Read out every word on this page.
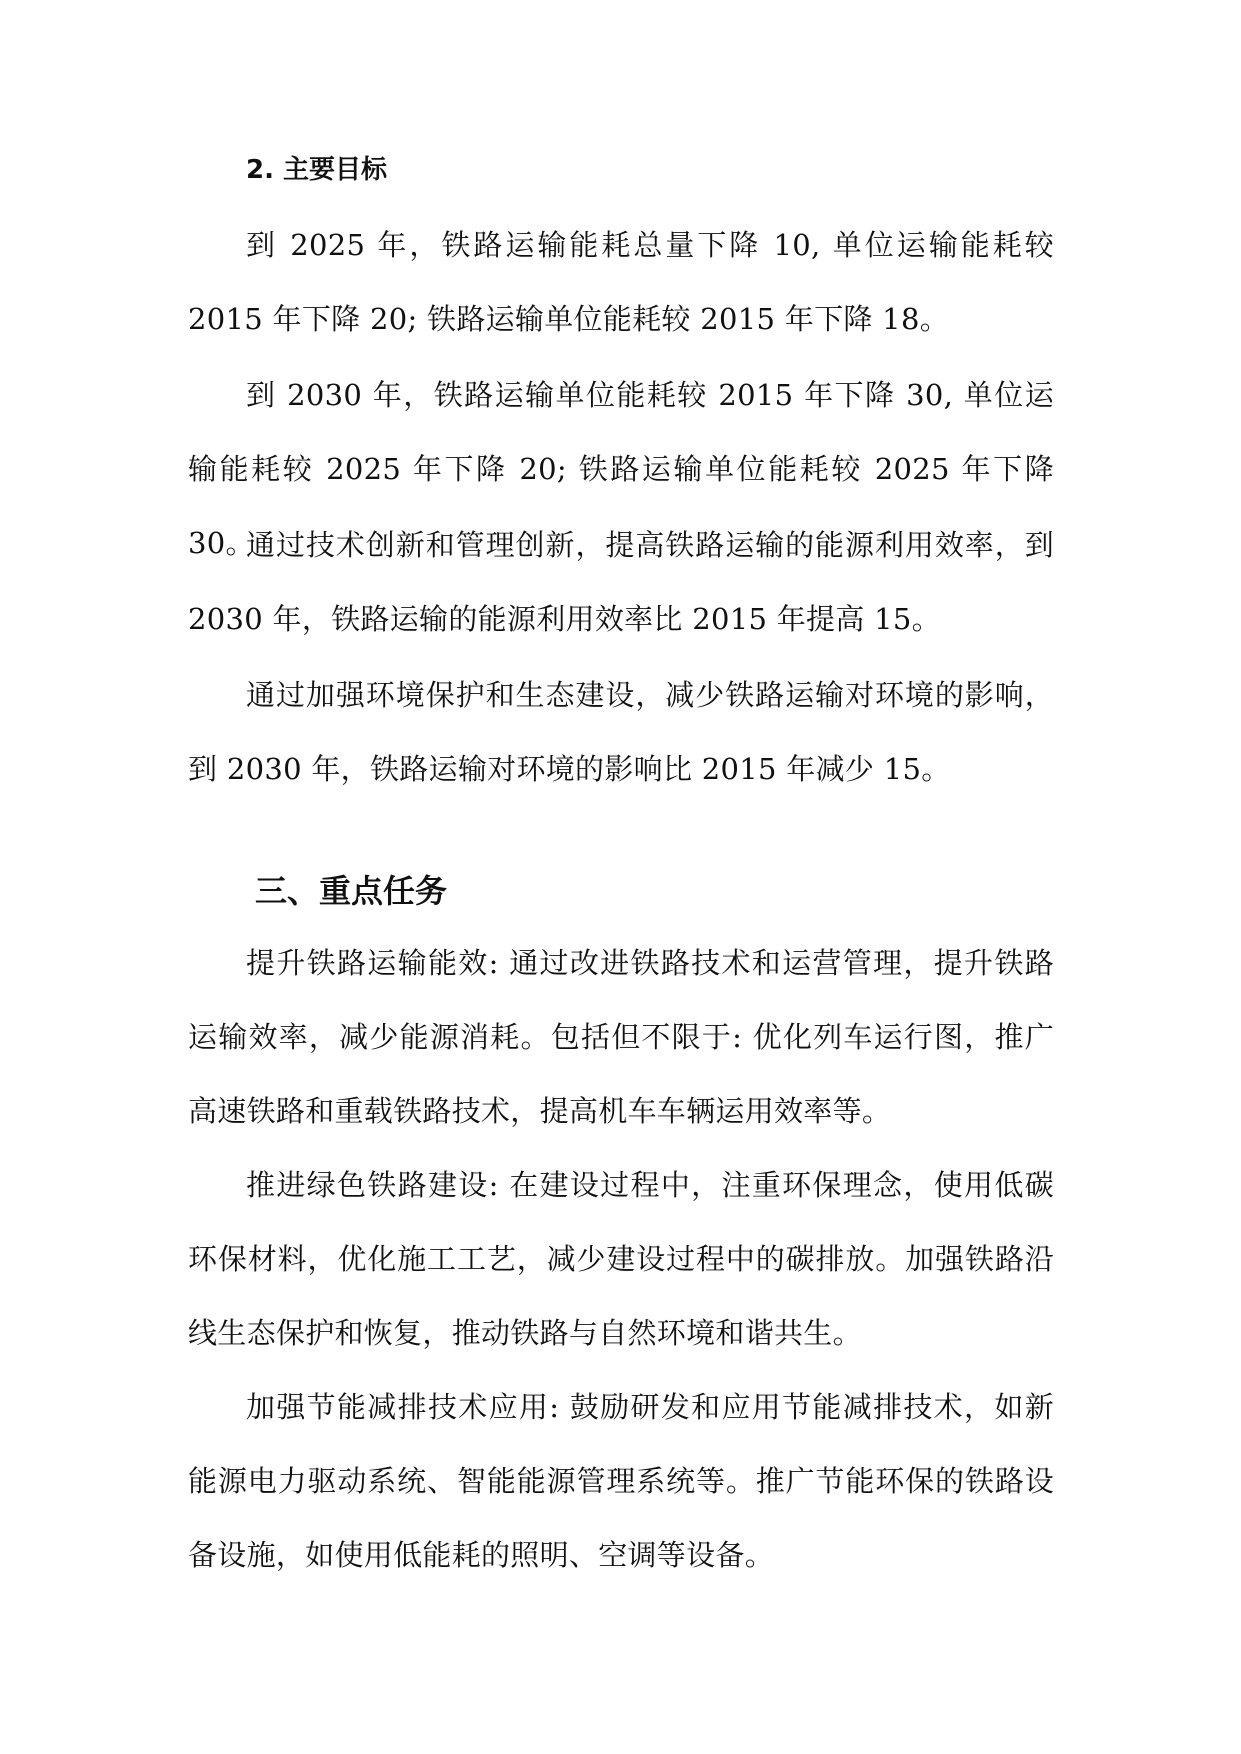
2. 主要目标

到 2025 年，铁路运输能耗总量下降 10, 单位运输能耗较 2015 年下降 20; 铁路运输单位能耗较 2015 年下降 18。

到 2030 年，铁路运输单位能耗较 2015 年下降 30, 单位运输能耗较 2025 年下降 20; 铁路运输单位能耗较 2025 年下降 30。

通过技术创新和管理创新，提高铁路运输的能源利用效率，到 2030 年，铁路运输的能源利用效率比 2015 年提高 15。

通过加强环境保护和生态建设，减少铁路运输对环境的影响，到 2030 年，铁路运输对环境的影响比 2015 年减少 15。

三、重点任务

提升铁路运输能效: 通过改进铁路技术和运营管理，提升铁路运输效率，减少能源消耗。包括但不限于: 优化列车运行图，推广高速铁路和重载铁路技术，提高机车车辆运用效率等。

推进绿色铁路建设: 在建设过程中，注重环保理念，使用低碳环保材料，优化施工工艺，减少建设过程中的碳排放。加强铁路沿线生态保护和恢复，推动铁路与自然环境和谐共生。

加强节能减排技术应用: 鼓励研发和应用节能减排技术，如新能源电力驱动系统、智能能源管理系统等。推广节能环保的铁路设备设施，如使用低能耗的照明、空调等设备。
